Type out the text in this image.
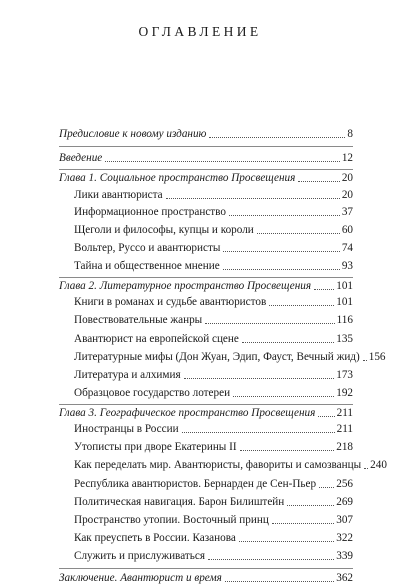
ОГЛАВЛЕНИЕ
Предисловие к новому изданию	8
Введение	12
Глава 1. Социальное пространство Просвещения	20
Лики авантюриста	20
Информационное пространство	37
Щеголи и философы, купцы и короли	60
Вольтер, Руссо и авантюристы	74
Тайна и общественное мнение	93
Глава 2. Литературное пространство Просвещения 101
Книги в романах и судьбе авантюристов	101
Повествовательные жанры	116
Авантюрист на европейской сцене	135
Литературные мифы (Дон Жуан, Эдип, Фауст, Вечный жид) 156
Литература и алхимия	173
Образцовое государство лотереи	192
Глава 3. Географическое пространство Просвещения 211
Иностранцы в России	211
Утописты при дворе Екатерины II	218
Как переделать мир. Авантюристы, фавориты и самозванцы 240
Республика авантюристов. Бернарден де Сен-Пьер 256
Политическая навигация. Барон Билиштейн	269
Пространство утопии. Восточный принц	307
Как преуспеть в России. Казанова	322
Служить и прислуживаться	339
Заключение. Авантюрист и время	362
